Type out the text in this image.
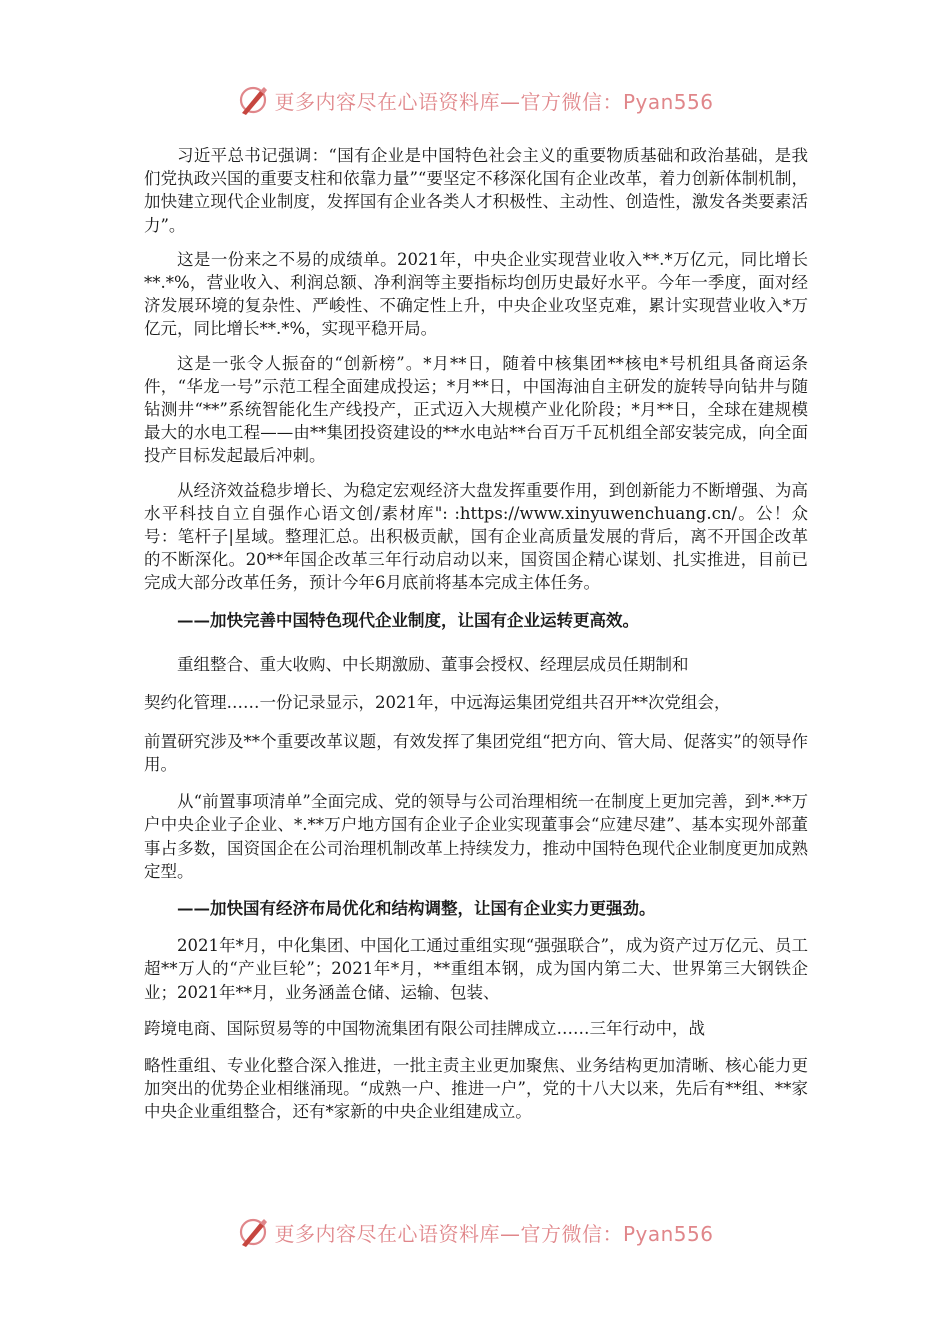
更多内容尽在心语资料库—官方微信：Pyan556

习近平总书记强调：“国有企业是中国特色社会主义的重要物质基础和政治基础，是我们党执政兴国的重要支柱和依靠力量”“要坚定不移深化国有企业改革，着力创新体制机制，加快建立现代企业制度，发挥国有企业各类人才积极性、主动性、创造性，激发各类要素活力”。

这是一份来之不易的成绩单。2021年，中央企业实现营业收入**.*万亿元，同比增长**.*%，营业收入、利润总额、净利润等主要指标均创历史最好水平。今年一季度，面对经济发展环境的复杂性、严峻性、不确定性上升，中央企业攻坚克难，累计实现营业收入*万亿元，同比增长**.*%，实现平稳开局。

这是一张令人振奋的“创新榜”。*月**日，随着中核集团**核电*号机组具备商运条件，“华龙一号”示范工程全面建成投运；*月**日，中国海油自主研发的旋转导向钻井与随钻测井“**”系统智能化生产线投产，正式迈入大规模产业化阶段；*月**日，全球在建规模最大的水电工程——由**集团投资建设的**水电站**台百万千瓦机组全部安装完成，向全面投产目标发起最后冲刺。

从经济效益稳步增长、为稳定宏观经济大盘发挥重要作用，到创新能力不断增强、为高水平科技自立自强作心语文创/素材库": :https://www.xinyuwenchuang.cn/。公！众号：笔杆子|星域。整理汇总。出积极贡献，国有企业高质量发展的背后，离不开国企改革的不断深化。20**年国企改革三年行动启动以来，国资国企精心谋划、扎实推进，目前已完成大部分改革任务，预计今年6月底前将基本完成主体任务。

——加快完善中国特色现代企业制度，让国有企业运转更高效。

重组整合、重大收购、中长期激励、董事会授权、经理层成员任期制和

契约化管理……一份记录显示，2021年，中远海运集团党组共召开**次党组会，

前置研究涉及**个重要改革议题，有效发挥了集团党组“把方向、管大局、促落实”的领导作用。

从“前置事项清单”全面完成、党的领导与公司治理相统一在制度上更加完善，到*.**万户中央企业子企业、*.**万户地方国有企业子企业实现董事会“应建尽建”、基本实现外部董事占多数，国资国企在公司治理机制改革上持续发力，推动中国特色现代企业制度更加成熟定型。

——加快国有经济布局优化和结构调整，让国有企业实力更强劲。

2021年*月，中化集团、中国化工通过重组实现“强强联合”，成为资产过万亿元、员工超**万人的“产业巨轮”；2021年*月，**重组本钢，成为国内第二大、世界第三大钢铁企业；2021年**月，业务涵盖仓储、运输、包装、

跨境电商、国际贸易等的中国物流集团有限公司挂牌成立……三年行动中，战

略性重组、专业化整合深入推进，一批主责主业更加聚焦、业务结构更加清晰、核心能力更加突出的优势企业相继涌现。“成熟一户、推进一户”，党的十八大以来，先后有**组、**家中央企业重组整合，还有*家新的中央企业组建成立。

更多内容尽在心语资料库—官方微信：Pyan556
